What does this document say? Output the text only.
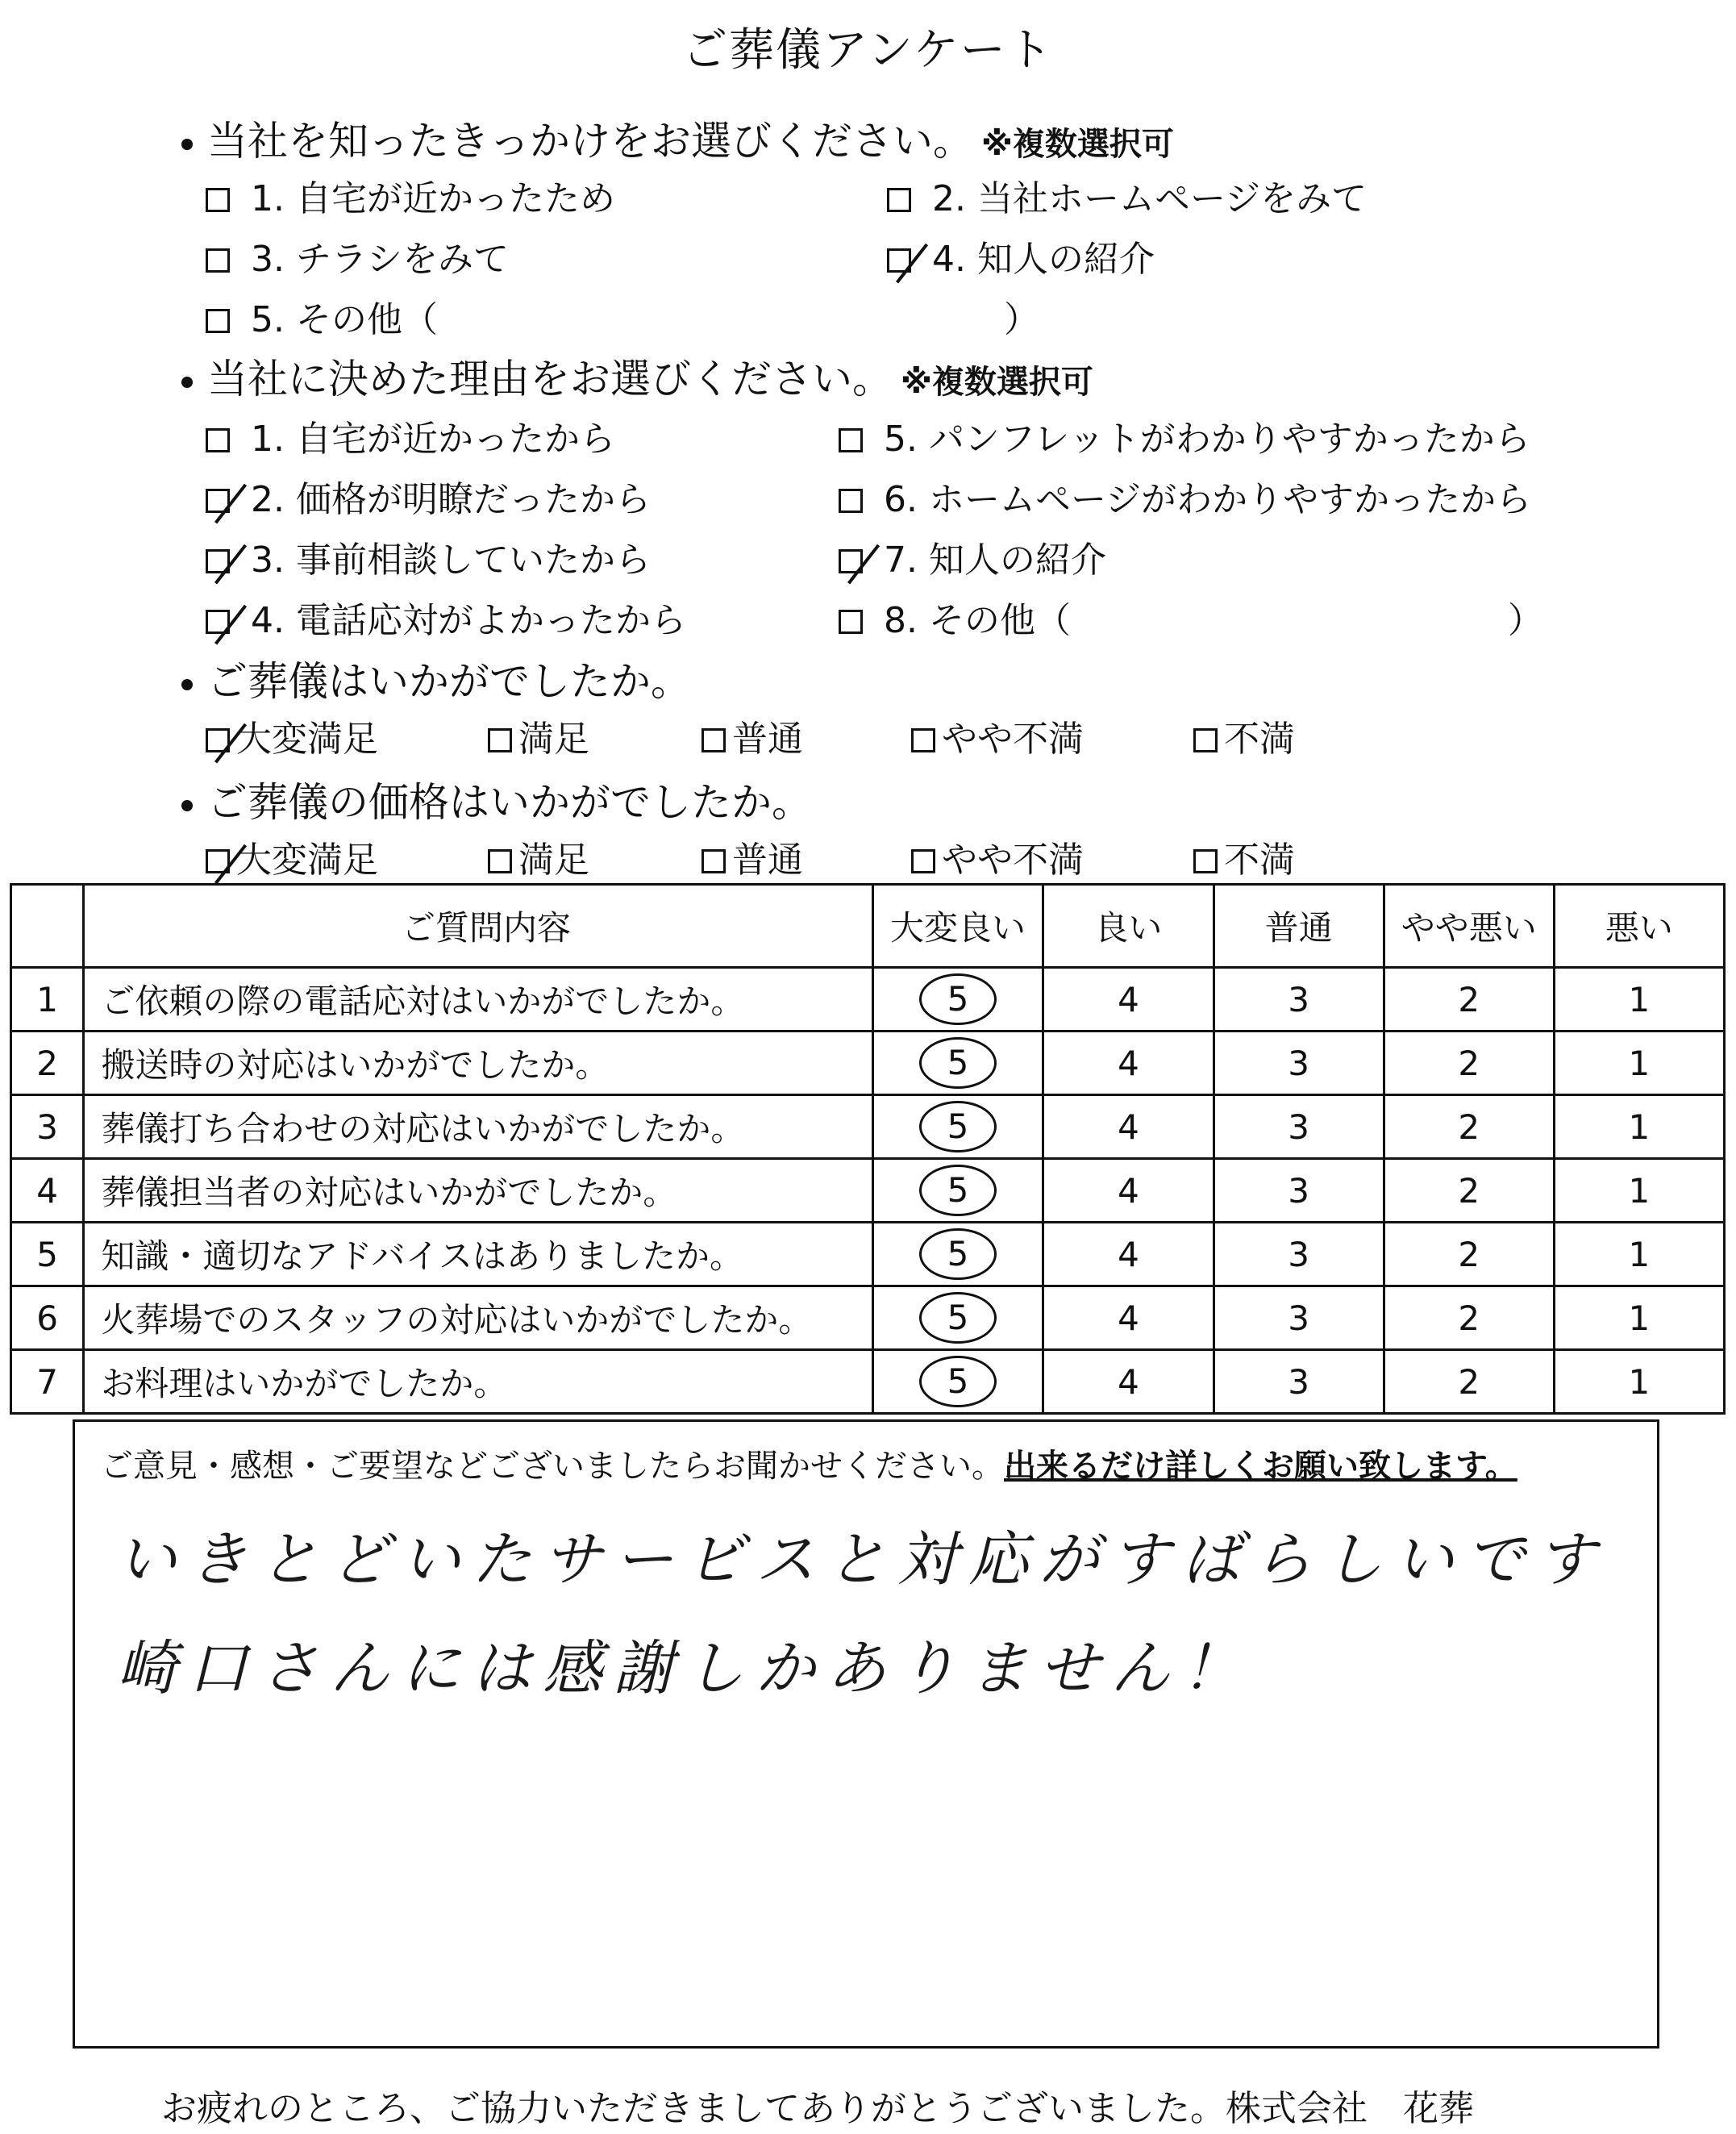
ご葬儀アンケート
当社を知ったきっかけをお選びください。 ※複数選択可
1. 自宅が近かったため	2. 当社ホームページをみて
3. チラシをみて	4. 知人の紹介
5. その他（	）
当社に決めた理由をお選びください。 ※複数選択可
1. 自宅が近かったから
2. 価格が明瞭だったから
3. 事前相談していたから
4. 電話応対がよかったから
5. パンフレットがわかりやすかったから
6. ホームページがわかりやすかったから
7. 知人の紹介
8. その他（	）
ご葬儀はいかがでしたか。
大変満足	満足	普通	やや不満	不満
ご葬儀の価格はいかがでしたか。
大変満足	満足	普通	やや不満	不満
	ご質問内容	大変良い	良い	普通	やや悪い	悪い
1	ご依頼の際の電話応対はいかがでしたか。	5	4	3	2	1
2	搬送時の対応はいかがでしたか。	5	4	3	2	1
3	葬儀打ち合わせの対応はいかがでしたか。	5	4	3	2	1
4	葬儀担当者の対応はいかがでしたか。	5	4	3	2	1
5	知識・適切なアドバイスはありましたか。	5	4	3	2	1
6	火葬場でのスタッフの対応はいかがでしたか。	5	4	3	2	1
7	お料理はいかがでしたか。	5	4	3	2	1
ご意見・感想・ご要望などございましたらお聞かせください。出来るだけ詳しくお願い致します。
いきとどいたサービスと対応がすばらしいです
崎口さんには感謝しかありません！
お疲れのところ、ご協力いただきましてありがとうございました。株式会社　花葬
